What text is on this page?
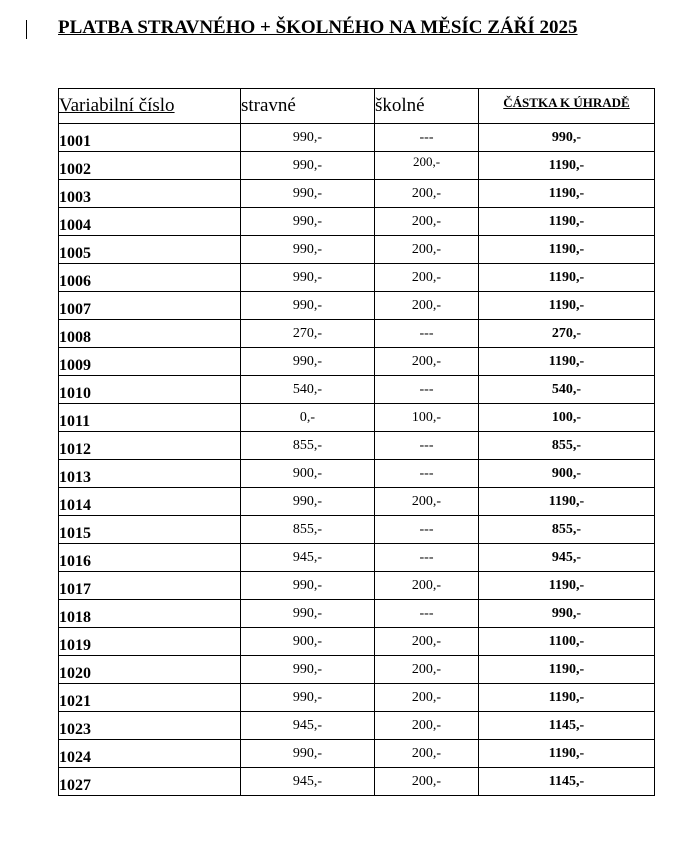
PLATBA STRAVNÉHO + ŠKOLNÉHO NA MĚSÍC ZÁŘÍ 2025
Variabilní číslo	stravné	školné	ČÁSTKA K ÚHRADĚ
1001	990,-	---	990,-
1002	990,-	200,-	1190,-
1003	990,-	200,-	1190,-
1004	990,-	200,-	1190,-
1005	990,-	200,-	1190,-
1006	990,-	200,-	1190,-
1007	990,-	200,-	1190,-
1008	270,-	---	270,-
1009	990,-	200,-	1190,-
1010	540,-	---	540,-
1011	0,-	100,-	100,-
1012	855,-	---	855,-
1013	900,-	---	900,-
1014	990,-	200,-	1190,-
1015	855,-	---	855,-
1016	945,-	---	945,-
1017	990,-	200,-	1190,-
1018	990,-	---	990,-
1019	900,-	200,-	1100,-
1020	990,-	200,-	1190,-
1021	990,-	200,-	1190,-
1023	945,-	200,-	1145,-
1024	990,-	200,-	1190,-
1027	945,-	200,-	1145,-
